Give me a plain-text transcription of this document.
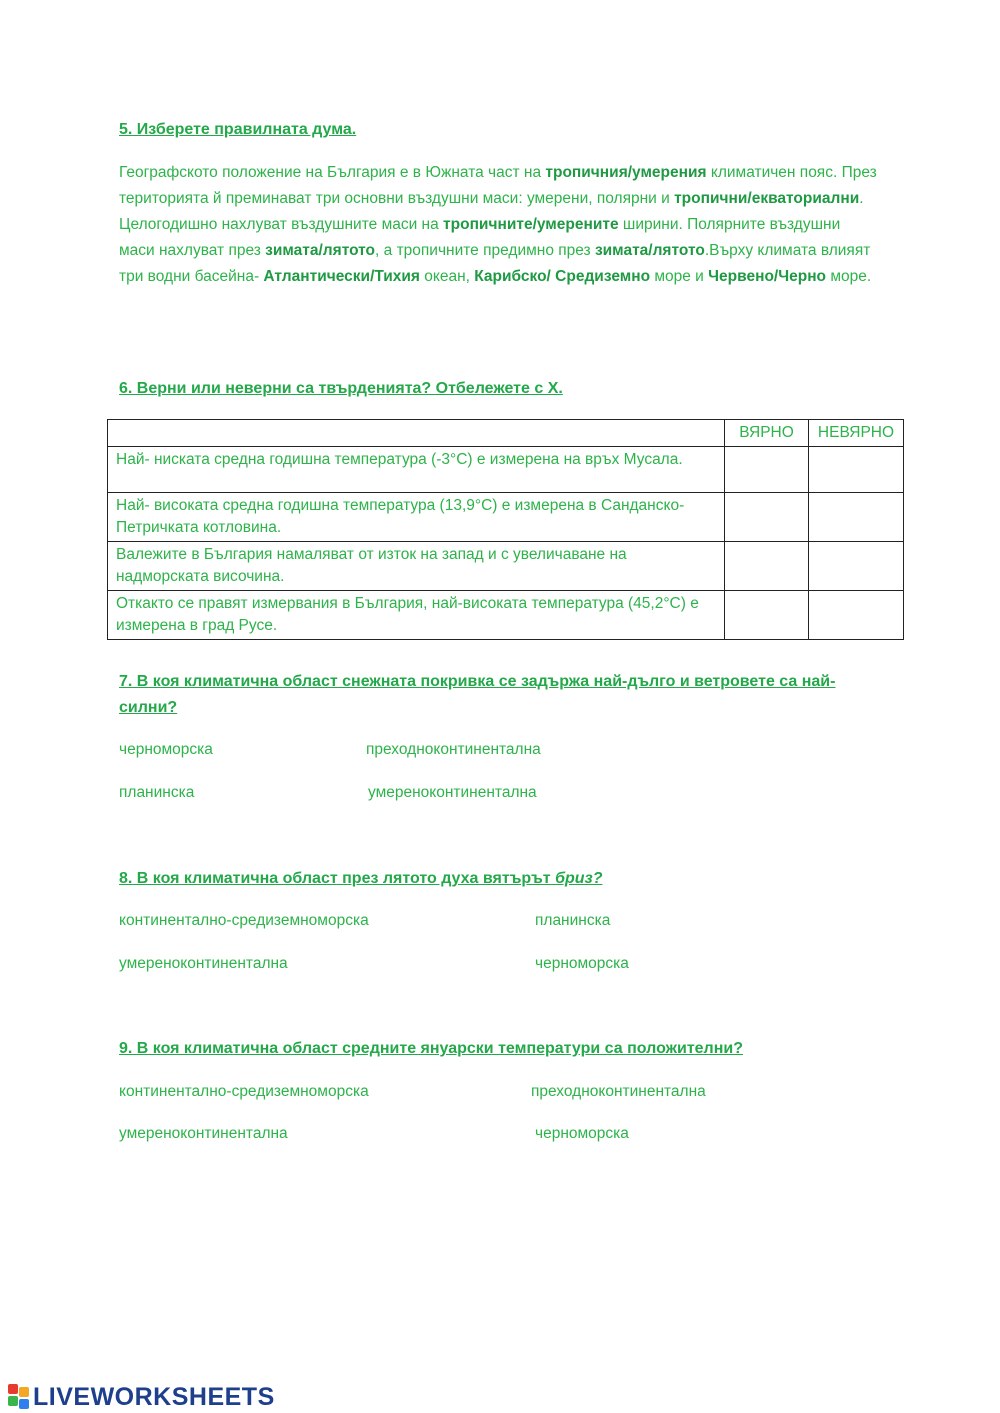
5. Изберете правилната дума.

Географското положение на България е в Южната част на тропичния/умерения климатичен пояс. През територията й преминават три основни въздушни маси: умерени, полярни и тропични/екваториални. Целогодишно нахлуват въздушните маси на тропичните/умерените ширини. Полярните въздушни маси нахлуват през зимата/лятото, а тропичните предимно през зимата/лятото.Върху климата влияят три водни басейна- Атлантически/Тихия океан, Карибско/ Средиземно море и Червено/Черно море.

6. Верни или неверни са твърденията? Отбележете с Х.

	ВЯРНО	НЕВЯРНО
Най- ниската средна годишна температура (-3°С) е измерена на връх Мусала.		
Най- високата средна годишна температура (13,9°С) е измерена в Санданско-Петричката котловина.		
Валежите в България намаляват от изток на запад и с увеличаване на надморската височина.		
Откакто се правят измервания в България, най-високата температура (45,2°С) е измерена в град Русе.		

7. В коя климатична област снежната покривка се задържа най-дълго и ветровете са най-

силни?

черноморска	преходноконтинентална
планинска	умереноконтинентална

8. В коя климатична област през лятото духа вятърът бриз?

континентално-средиземноморска	планинска
умереноконтинентална	черноморска

9. В коя климатична област средните януарски температури са положителни?

континентално-средиземноморска	преходноконтинентална
умереноконтинентална	черноморска
LIVEWORKSHEETS
